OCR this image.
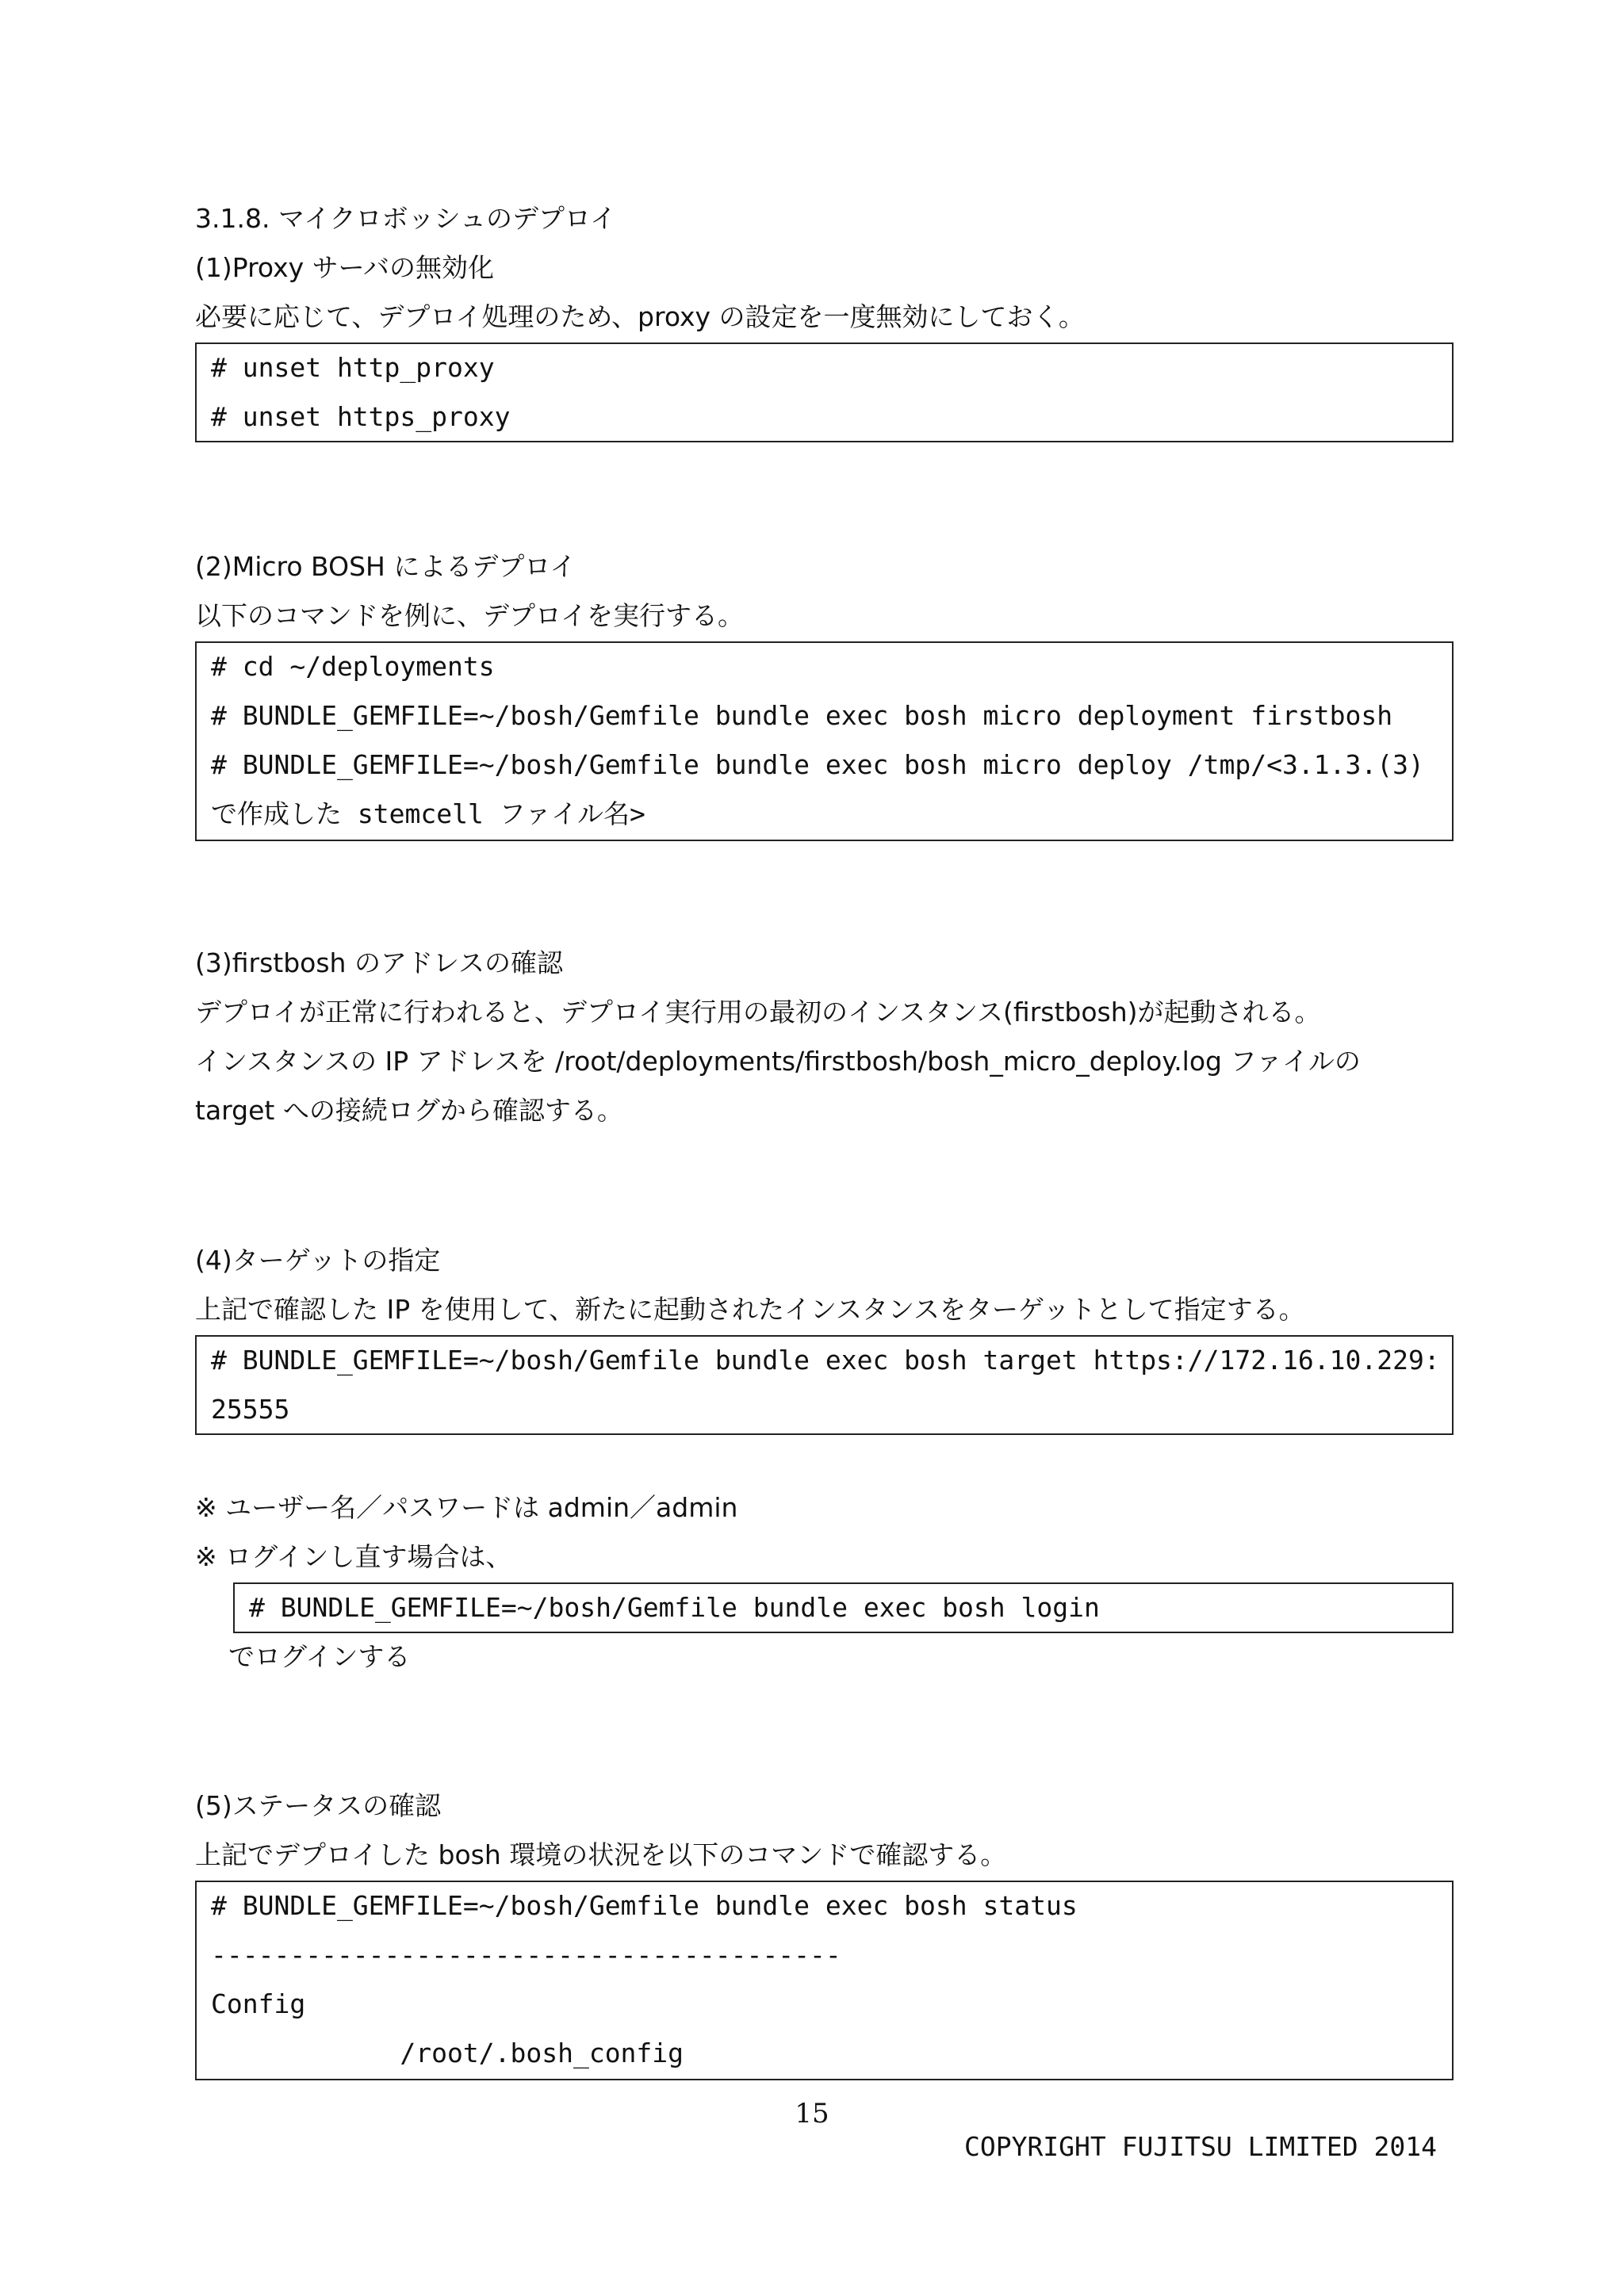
3.1.8. マイクロボッシュのデプロイ
(1)Proxy サーバの無効化
必要に応じて、デプロイ処理のため、proxy の設定を一度無効にしておく。
# unset http_proxy
# unset https_proxy
(2)Micro BOSH によるデプロイ
以下のコマンドを例に、デプロイを実行する。
# cd ~/deployments
# BUNDLE_GEMFILE=~/bosh/Gemfile bundle exec bosh micro deployment firstbosh
# BUNDLE_GEMFILE=~/bosh/Gemfile bundle exec bosh micro deploy /tmp/<3.1.3.(3)
で作成した stemcell ファイル名>
(3)firstbosh のアドレスの確認
デプロイが正常に行われると、デプロイ実行用の最初のインスタンス(firstbosh)が起動される。
インスタンスの IP アドレスを /root/deployments/firstbosh/bosh_micro_deploy.log ファイルの
target への接続ログから確認する。
(4)ターゲットの指定
上記で確認した IP を使用して、新たに起動されたインスタンスをターゲットとして指定する。
# BUNDLE_GEMFILE=~/bosh/Gemfile bundle exec bosh target https://172.16.10.229:
25555
※ ユーザー名／パスワードは admin／admin
※ ログインし直す場合は、
# BUNDLE_GEMFILE=~/bosh/Gemfile bundle exec bosh login
でログインする
(5)ステータスの確認
上記でデプロイした bosh 環境の状況を以下のコマンドで確認する。
# BUNDLE_GEMFILE=~/bosh/Gemfile bundle exec bosh status
----------------------------------------
Config
/root/.bosh_config
15
COPYRIGHT FUJITSU LIMITED 2014
